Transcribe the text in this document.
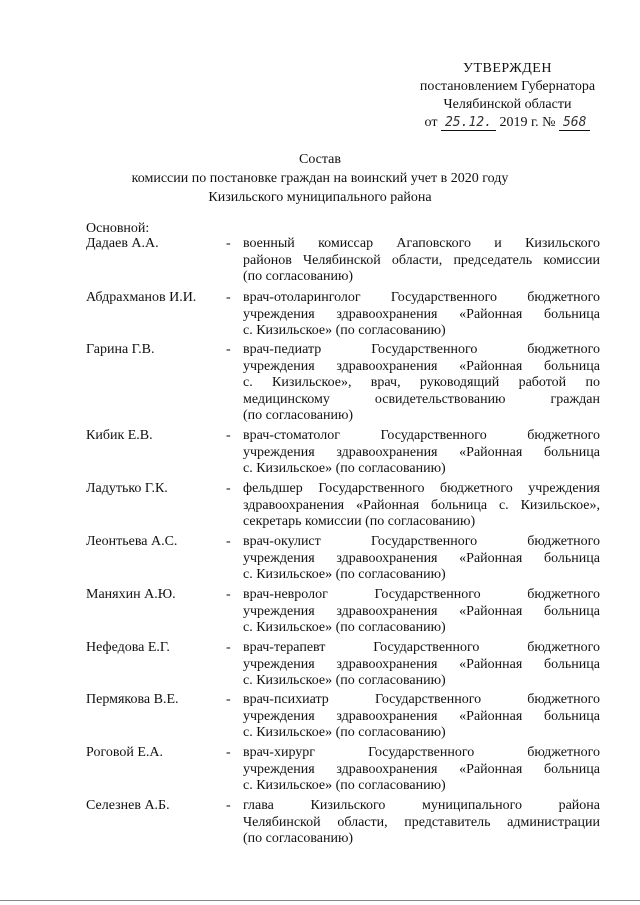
УТВЕРЖДЕН
постановлением Губернатора
Челябинской области
от 25.12. 2019 г. № 568
Состав
комиссии по постановке граждан на воинский учет в 2020 году
Кизильского муниципального района
Основной:
Дадаев А.А.	- военный комиссар Агаповского и Кизильского
районов Челябинской области, председатель комиссии
(по согласованию)
Абдрахманов И.И.	- врач-отоларинголог Государственного бюджетного
учреждения здравоохранения «Районная больница
с. Кизильское» (по согласованию)
Гарина Г.В.	- врач-педиатр Государственного бюджетного
учреждения здравоохранения «Районная больница
с. Кизильское», врач, руководящий работой по
медицинскому освидетельствованию граждан
(по согласованию)
Кибик Е.В.	- врач-стоматолог Государственного бюджетного
учреждения здравоохранения «Районная больница
с. Кизильское» (по согласованию)
Ладутько Г.К.	- фельдшер Государственного бюджетного учреждения
здравоохранения «Районная больница с. Кизильское»,
секретарь комиссии (по согласованию)
Леонтьева А.С.	- врач-окулист Государственного бюджетного
учреждения здравоохранения «Районная больница
с. Кизильское» (по согласованию)
Маняхин А.Ю.	- врач-невролог Государственного бюджетного
учреждения здравоохранения «Районная больница
с. Кизильское» (по согласованию)
Нефедова Е.Г.	- врач-терапевт Государственного бюджетного
учреждения здравоохранения «Районная больница
с. Кизильское» (по согласованию)
Пермякова В.Е.	- врач-психиатр Государственного бюджетного
учреждения здравоохранения «Районная больница
с. Кизильское» (по согласованию)
Роговой Е.А.	- врач-хирург Государственного бюджетного
учреждения здравоохранения «Районная больница
с. Кизильское» (по согласованию)
Селезнев А.Б.	- глава Кизильского муниципального района
Челябинской области, представитель администрации
(по согласованию)
